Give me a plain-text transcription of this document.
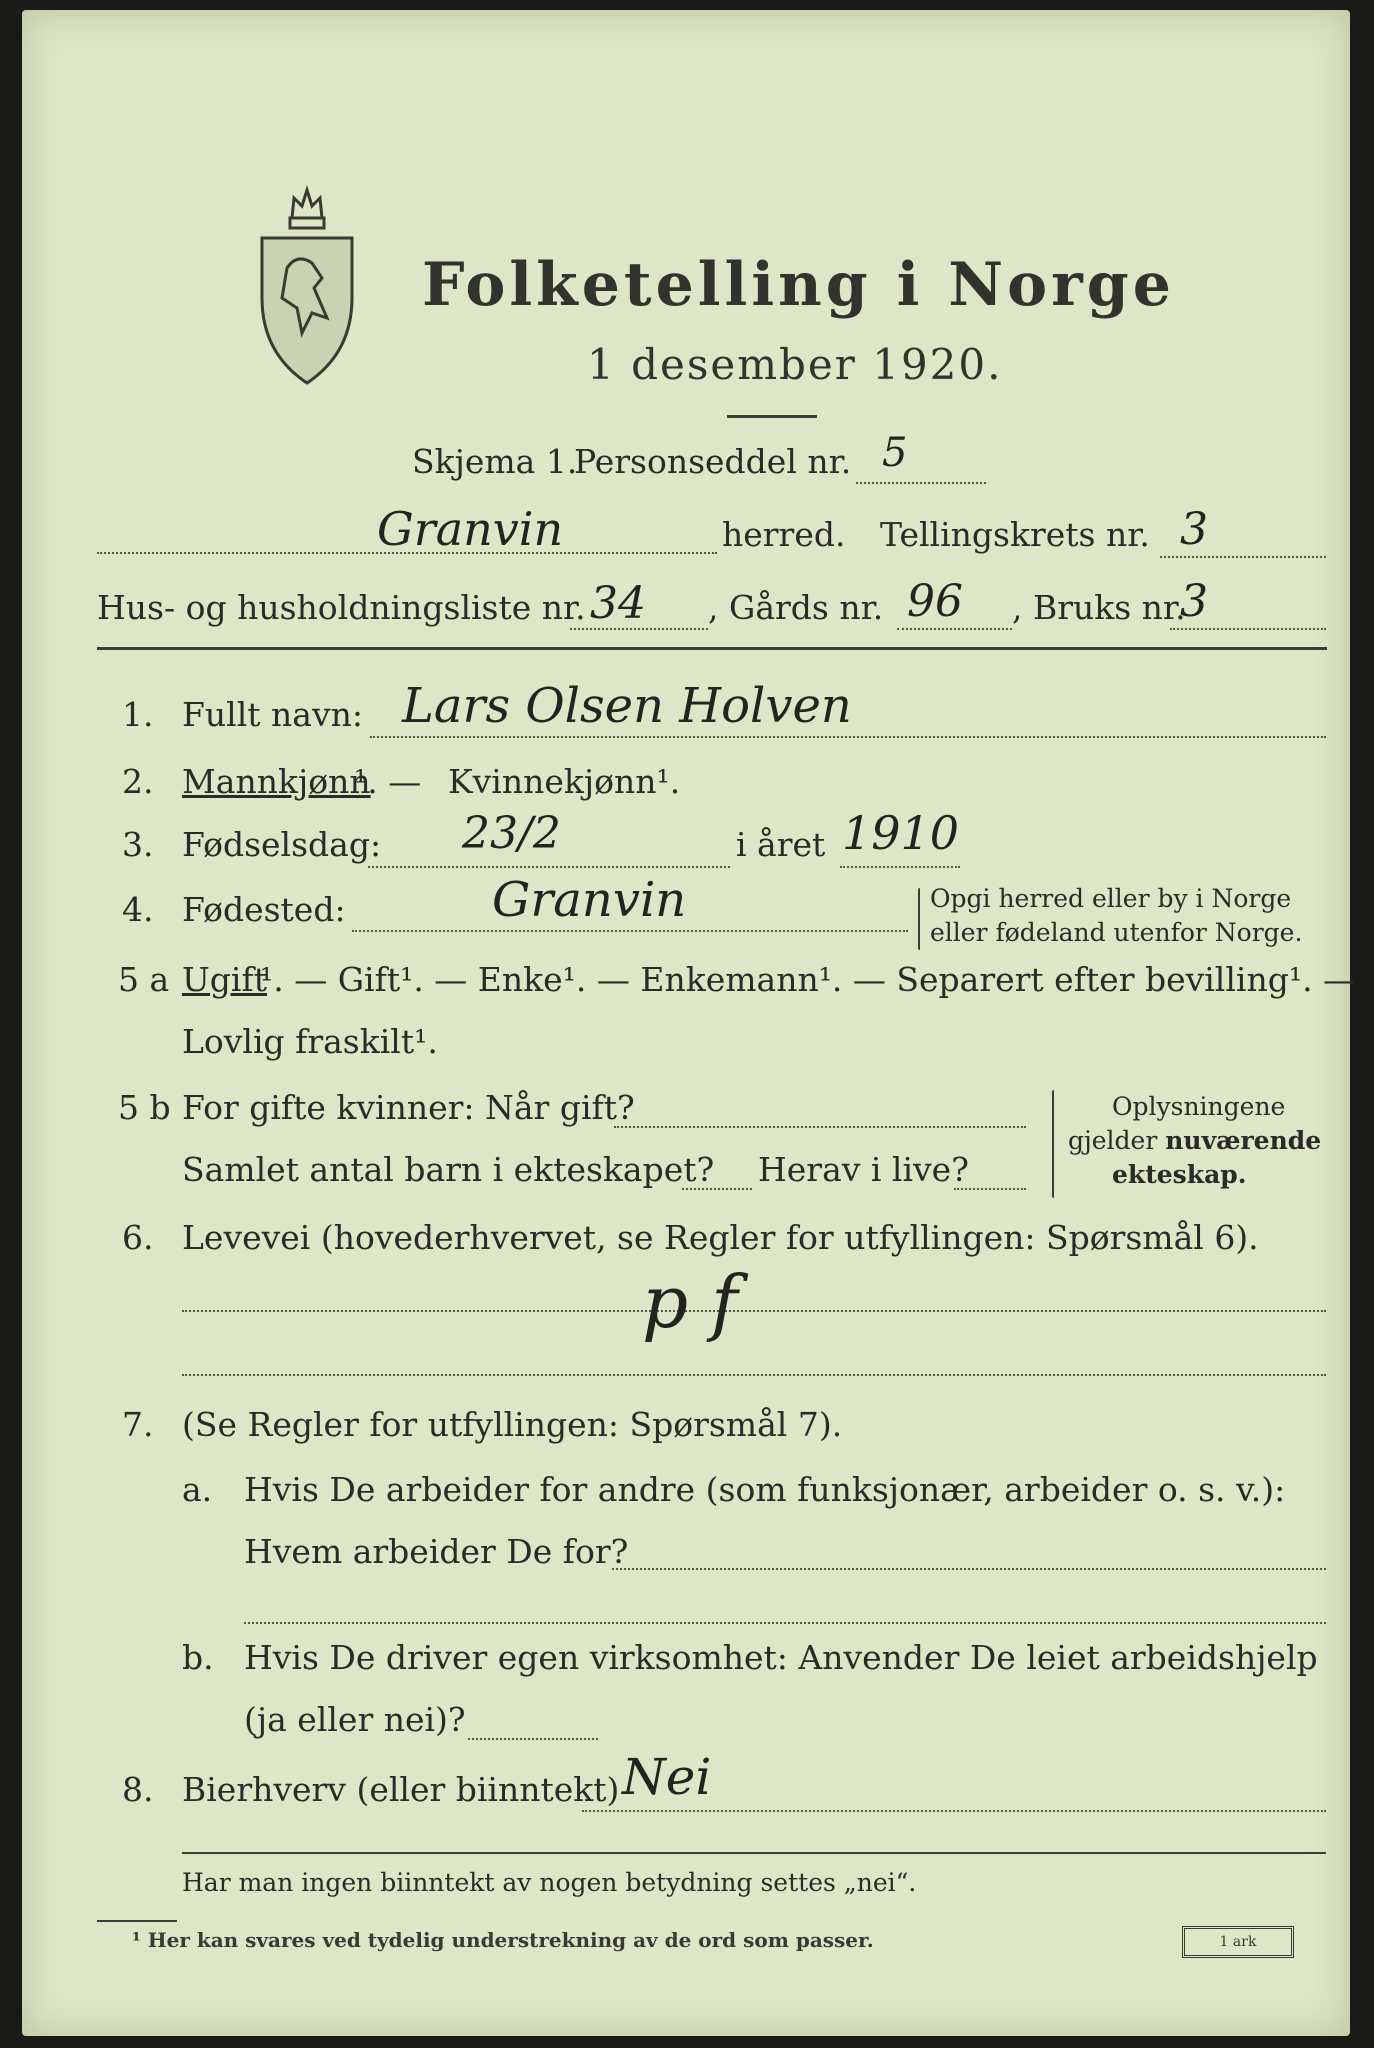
Folketelling i Norge
1 desember 1920.
Skjema 1.
Personseddel nr. 5
Granvin	herred. Tellingskrets nr. 3
Hus- og husholdningsliste nr. 34 , Gårds nr. 96 , Bruks nr.
3
1. Fullt navn: Lars Olsen Holven
2. Mannkjønn
¹. — Kvinnekjønn¹.
3. Fødselsdag: 23/2	i året 1910
4. Fødested:	Granvin	Opgi herred eller by i Norge
eller fødeland utenfor Norge.
5 a Ugift
¹. — Gift¹. — Enke¹. — Enkemann¹. — Separert efter bevilling¹. —
Lovlig fraskilt¹.
5 b For gifte kvinner: Når gift?
Samlet antal barn i ekteskapet? Herav i live?
Oplysningene
gjelder nuværende
ekteskap.
6. Levevei (hovederhvervet, se Regler for utfyllingen: Spørsmål 6).
p f
7. (Se Regler for utfyllingen: Spørsmål 7).
a. Hvis De arbeider for andre (som funksjonær, arbeider o. s. v.):
Hvem arbeider De for?
b. Hvis De driver egen virksomhet: Anvender De leiet arbeidshjelp
(ja eller nei)?
8. Bierhverv (eller biinntekt) Nei
Har man ingen biinntekt av nogen betydning settes „nei“.
¹ Her kan svares ved tydelig understrekning av de ord som passer.	1 ark
